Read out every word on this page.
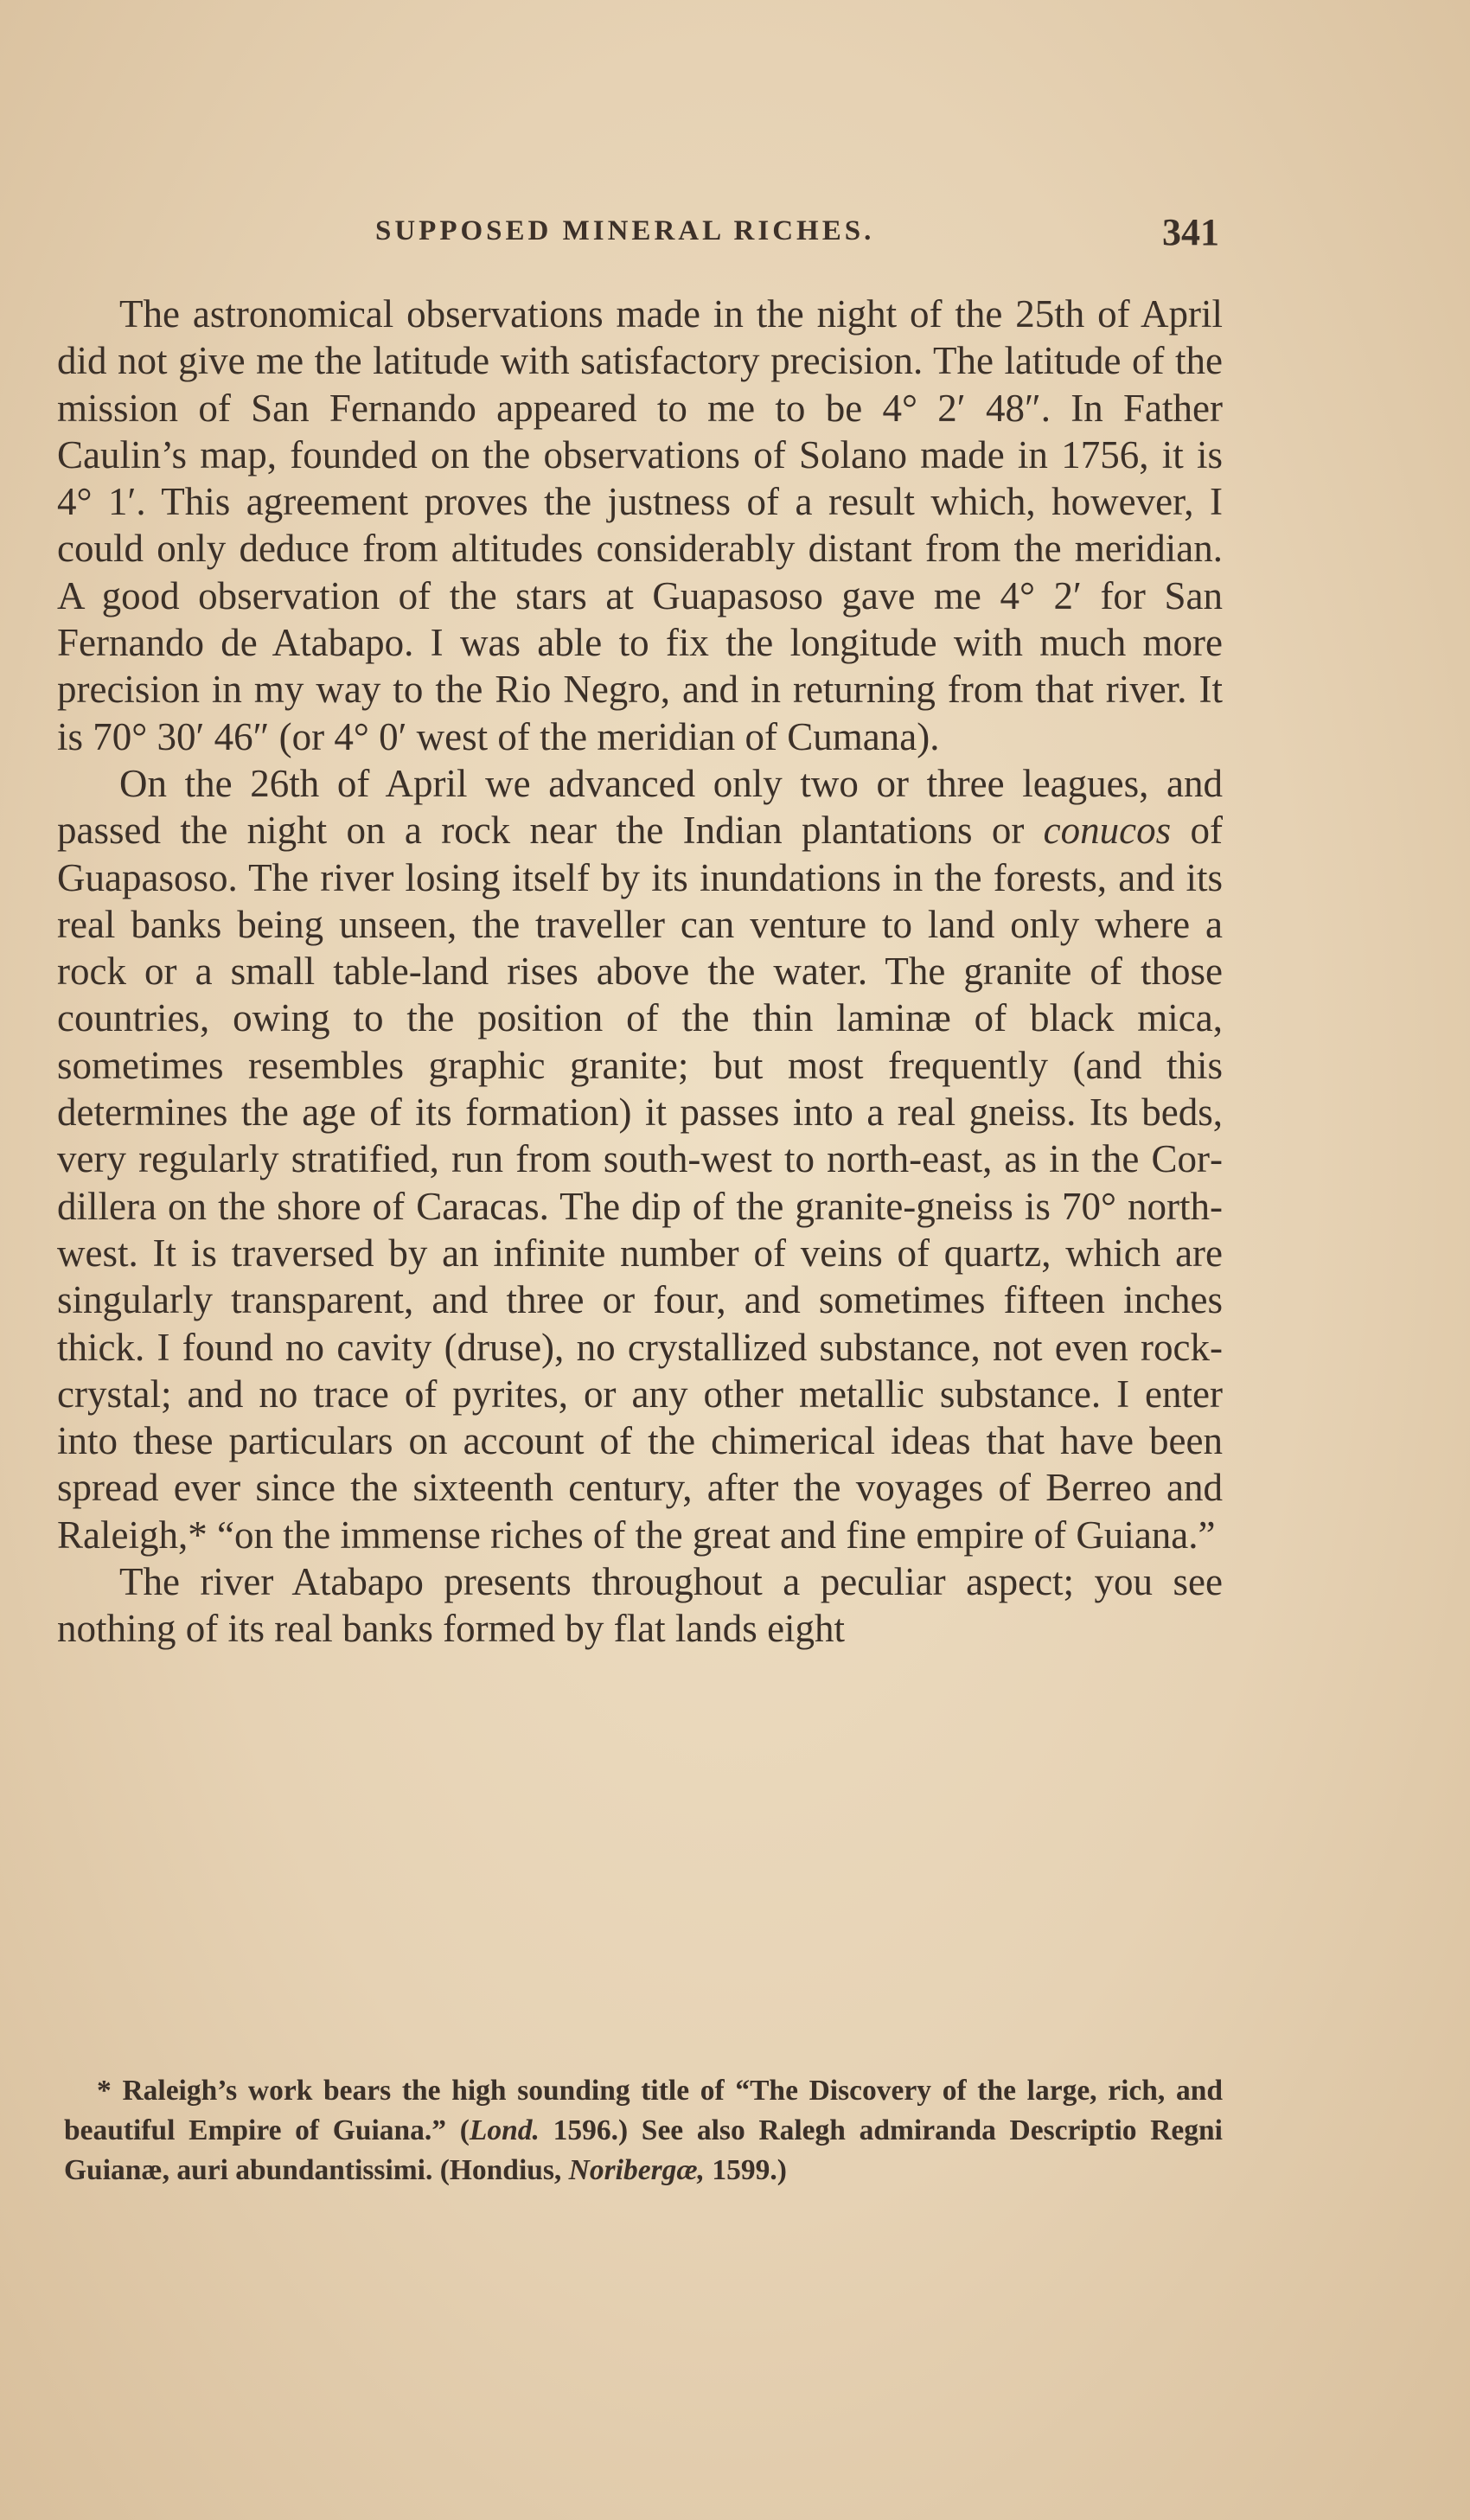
SUPPOSED MINERAL RICHES.	341

The astronomical observations made in the night of the 25th of April did not give me the latitude with satisfactory precision. The latitude of the mission of San Fernando appeared to me to be 4° 2′ 48″. In Father Caulin’s map, founded on the observations of Solano made in 1756, it is 4° 1′. This agreement proves the justness of a result which, however, I could only deduce from altitudes considerably distant from the meridian. A good observation of the stars at Guapasoso gave me 4° 2′ for San Fernando de Atabapo. I was able to fix the longitude with much more precision in my way to the Rio Negro, and in returning from that river. It is 70° 30′ 46″ (or 4° 0′ west of the meridian of Cumana).

On the 26th of April we advanced only two or three leagues, and passed the night on a rock near the Indian plantations or conucos of Guapasoso. The river losing itself by its inundations in the forests, and its real banks being unseen, the traveller can venture to land only where a rock or a small table-land rises above the water. The granite of those countries, owing to the position of the thin laminæ of black mica, sometimes resembles graphic granite; but most frequently (and this determines the age of its formation) it passes into a real gneiss. Its beds, very regularly stratified, run from south-west to north-east, as in the Cordillera on the shore of Caracas. The dip of the granite-gneiss is 70° north-west. It is traversed by an infinite number of veins of quartz, which are singularly transparent, and three or four, and sometimes fifteen inches thick. I found no cavity (druse), no crystallized substance, not even rock-crystal; and no trace of pyrites, or any other metallic substance. I enter into these particulars on account of the chimerical ideas that have been spread ever since the sixteenth century, after the voyages of Berreo and Raleigh,* “on the immense riches of the great and fine empire of Guiana.”

The river Atabapo presents throughout a peculiar aspect; you see nothing of its real banks formed by flat lands eight

* Raleigh’s work bears the high sounding title of “The Discovery of the large, rich, and beautiful Empire of Guiana.” (Lond. 1596.) See also Ralegh admiranda Descriptio Regni Guianæ, auri abundantissimi. (Hondius, Noribergæ, 1599.)
